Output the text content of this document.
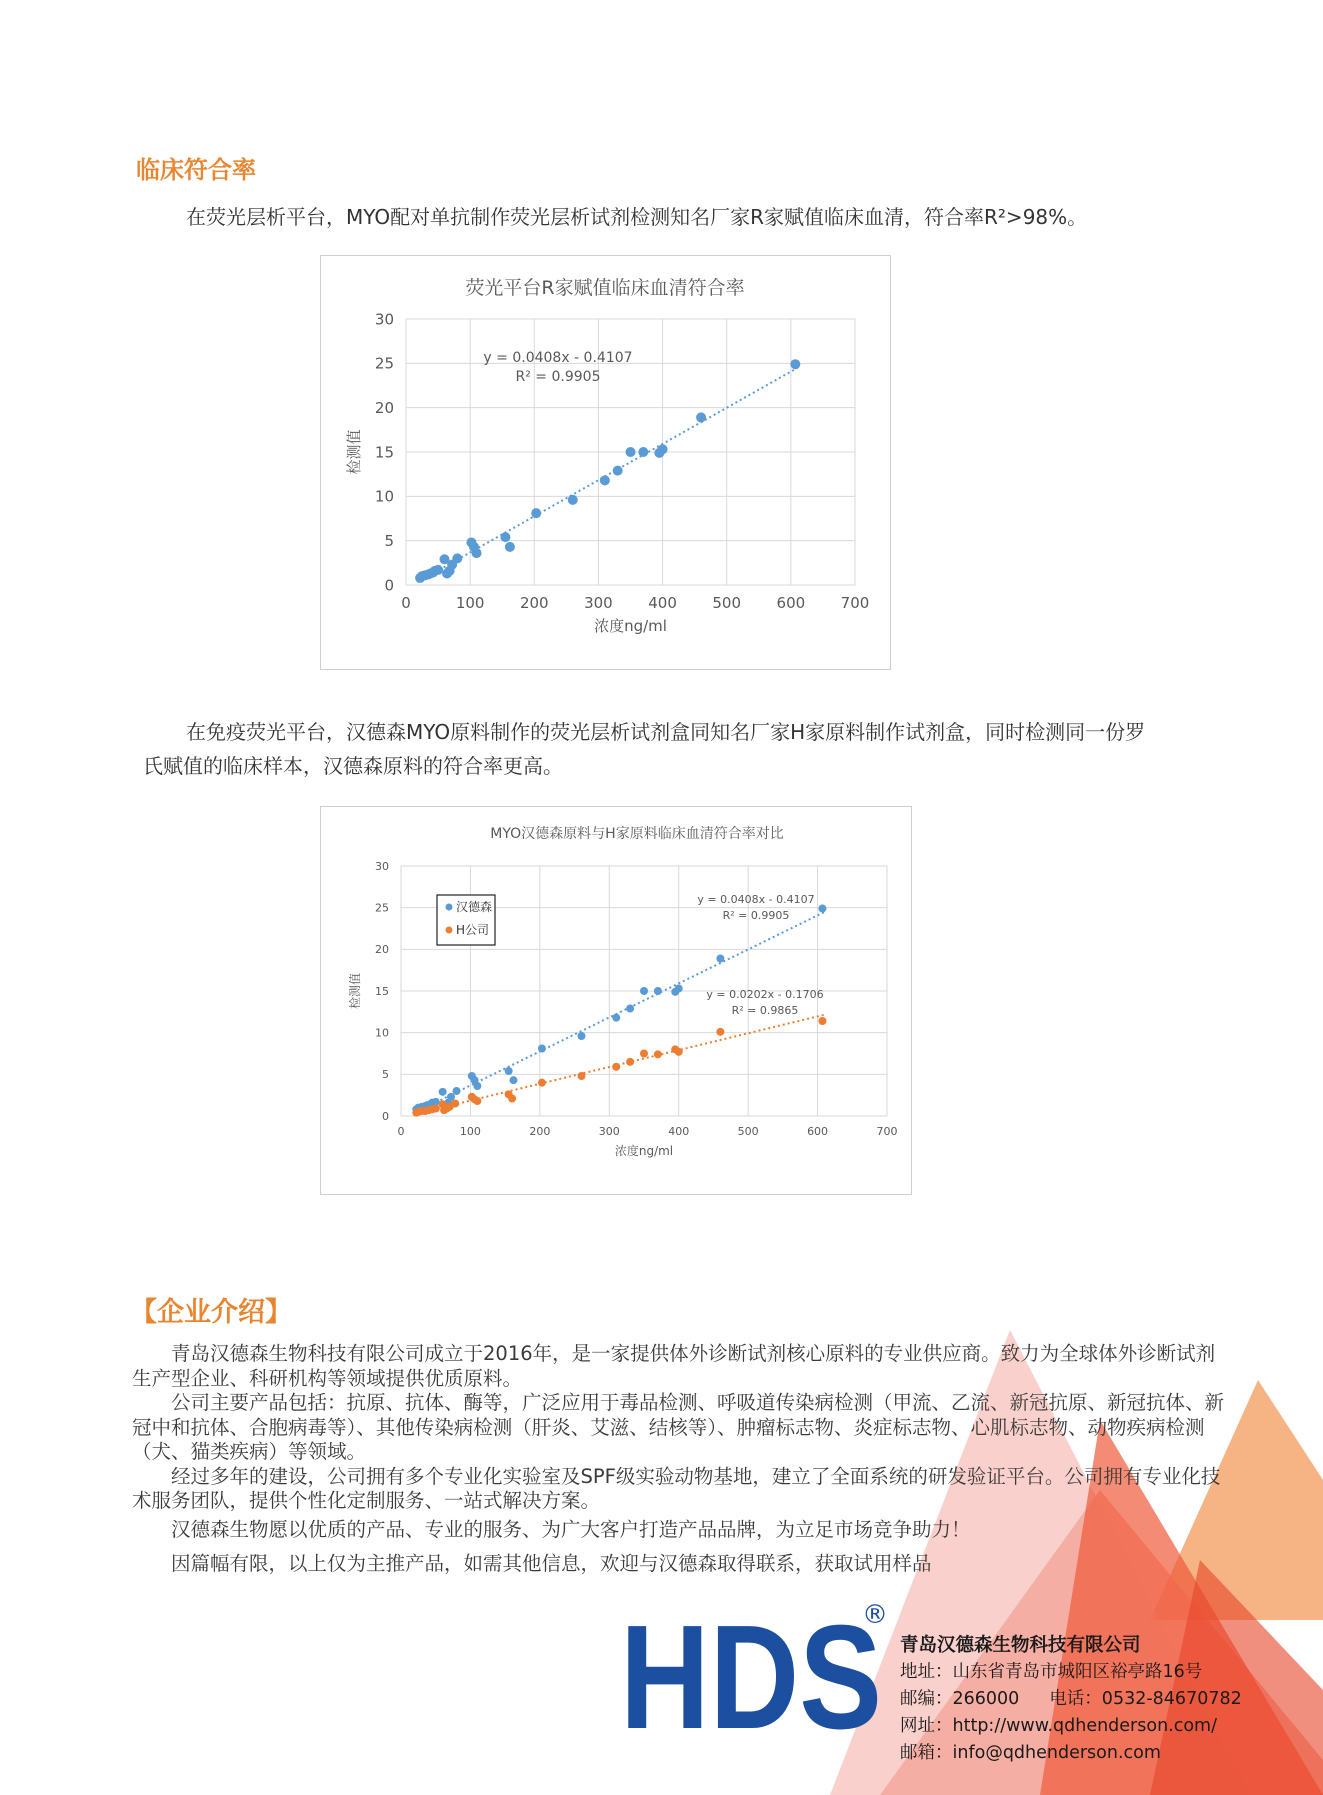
临床符合率

在荧光层析平台，MYO配对单抗制作荧光层析试剂检测知名厂家R家赋值临床血清，符合率R²>98%。

荧光平台R家赋值临床血清符合率
0
5
10
15
20
25
30
0	100 200 300 400 500 600 700
浓度ng/ml
检测值
y = 0.0408x - 0.4107
R² = 0.9905

在免疫荧光平台，汉德森MYO原料制作的荧光层析试剂盒同知名厂家H家原料制作试剂盒，同时检测同一份罗

氏赋值的临床样本，汉德森原料的符合率更高。

MYO汉德森原料与H家原料临床血清符合率对比
0
5
10
15
20
25
30
0	100	200	300	400	500	600	700
浓度ng/ml
检测值
y = 0.0408x - 0.4107
R² = 0.9905
y = 0.0202x - 0.1706
R² = 0.9865
汉德森
H公司
【企业介绍】

青岛汉德森生物科技有限公司成立于2016年，是一家提供体外诊断试剂核心原料的专业供应商。致力为全球体外诊断试剂生产型企业、科研机构等领域提供优质原料。

公司主要产品包括：抗原、抗体、酶等，广泛应用于毒品检测、呼吸道传染病检测（甲流、乙流、新冠抗原、新冠抗体、新冠中和抗体、合胞病毒等）、其他传染病检测（肝炎、艾滋、结核等）、肿瘤标志物、炎症标志物、心肌标志物、动物疾病检测（犬、猫类疾病）等领域。

经过多年的建设，公司拥有多个专业化实验室及SPF级实验动物基地，建立了全面系统的研发验证平台。公司拥有专业化技术服务团队，提供个性化定制服务、一站式解决方案。

汉德森生物愿以优质的产品、专业的服务、为广大客户打造产品品牌，为立足市场竞争助力！

因篇幅有限，以上仅为主推产品，如需其他信息，欢迎与汉德森取得联系，获取试用样品

HDS
®
青岛汉德森生物科技有限公司
地址：山东省青岛市城阳区裕亭路16号
邮编：266000 电话：0532-84670782
网址：http://www.qdhenderson.com/
邮箱：info@qdhenderson.com
